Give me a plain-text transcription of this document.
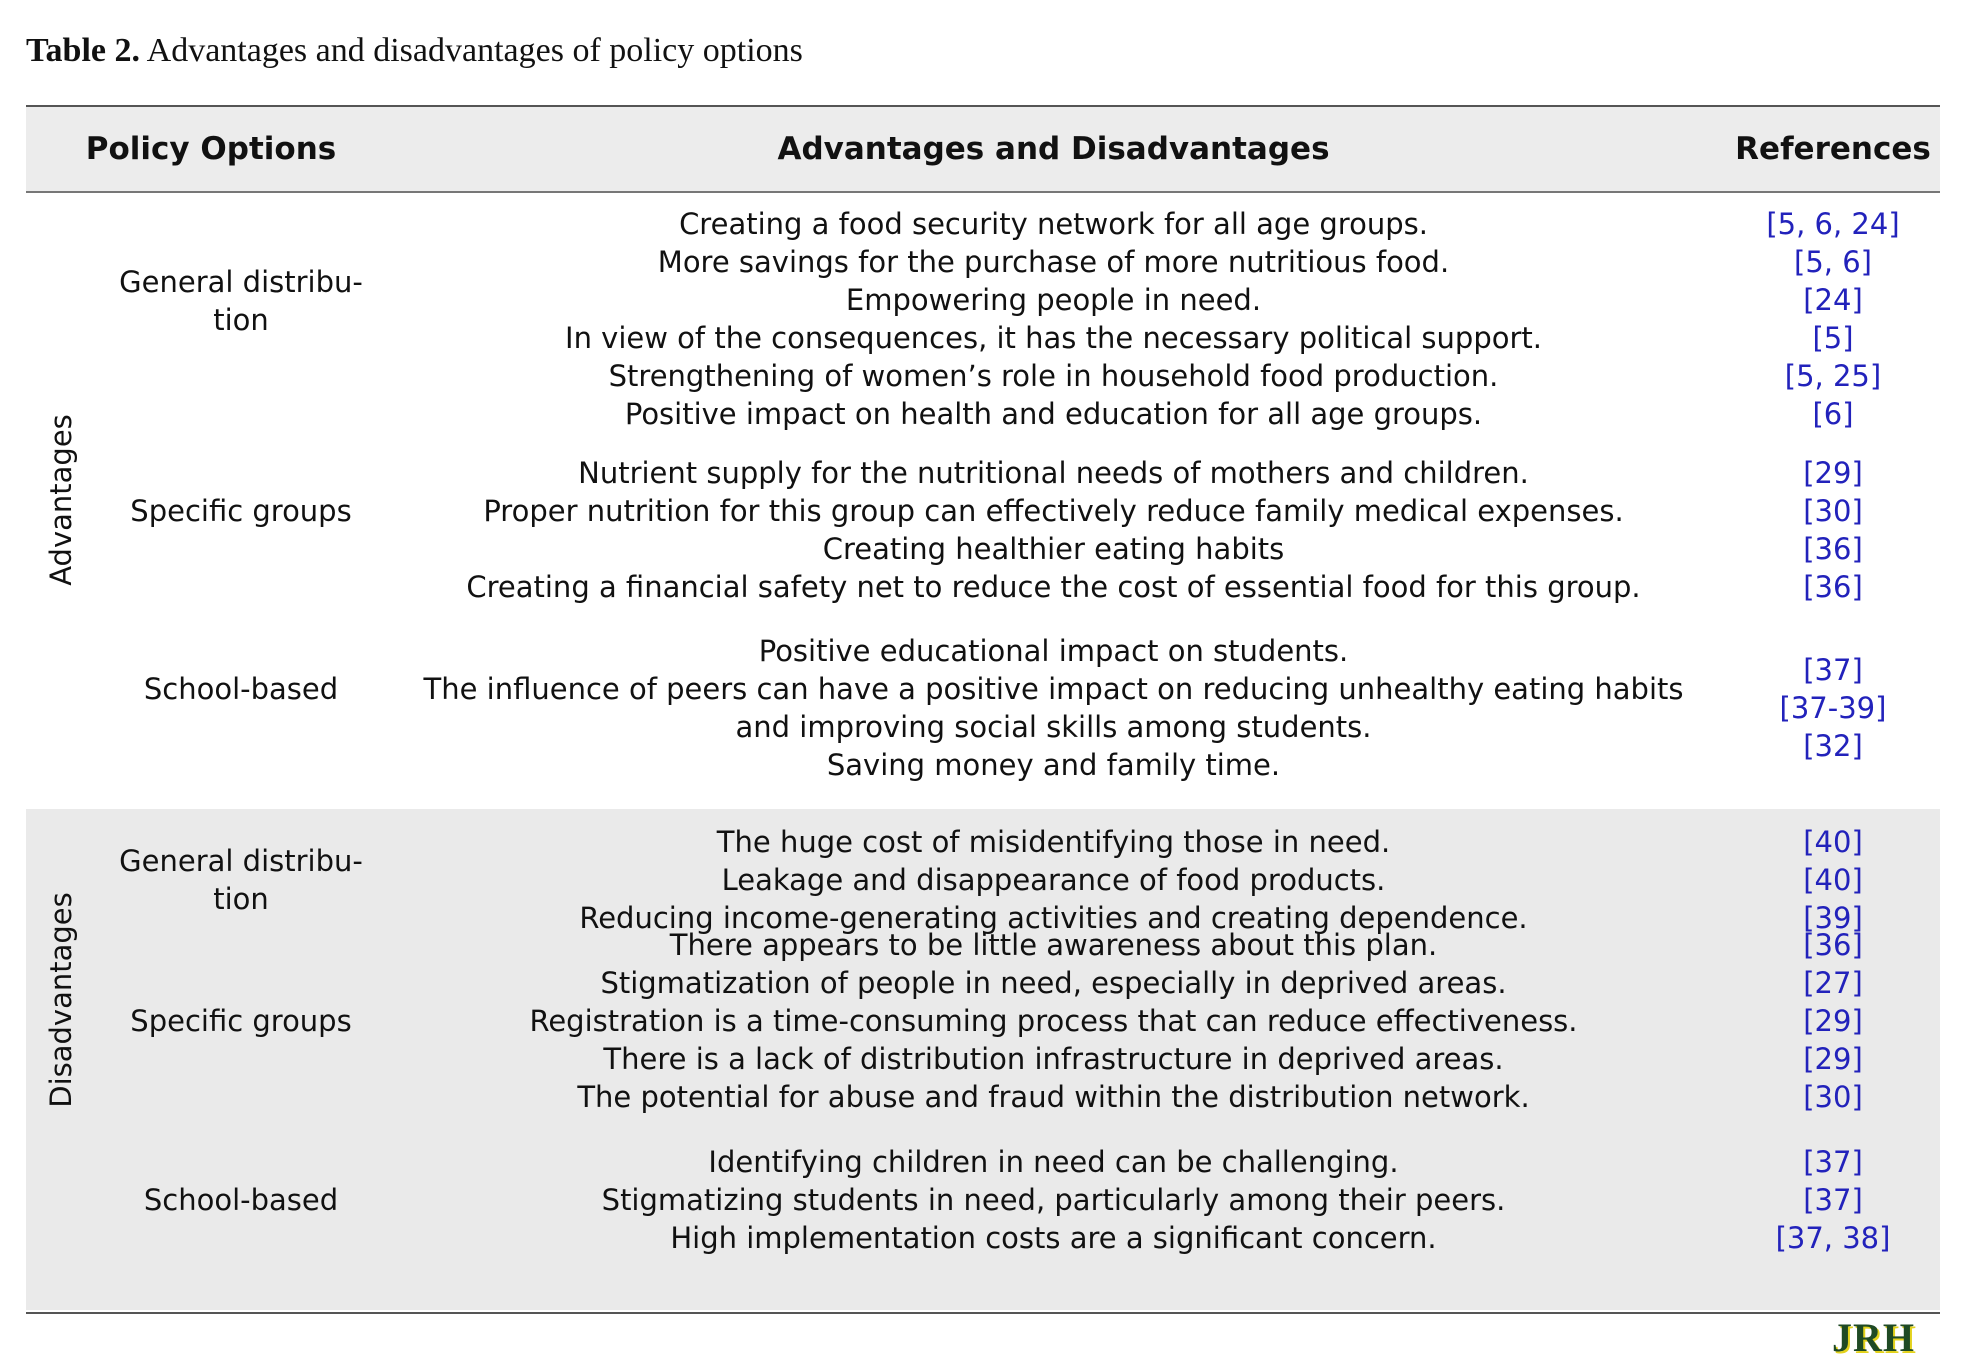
Table 2. Advantages and disadvantages of policy options
Policy Options	Advantages and Disadvantages	References
Advantages
General distribu-
tion
Creating a food security network for all age groups.
More savings for the purchase of more nutritious food.
Empowering people in need.
In view of the consequences, it has the necessary political support.
Strengthening of women’s role in household food production.
Positive impact on health and education for all age groups.
[5, 6, 24]
[5, 6]
[24]
[5]
[5, 25]
[6]
Specific groups
Nutrient supply for the nutritional needs of mothers and children.
Proper nutrition for this group can effectively reduce family medical expenses.
Creating healthier eating habits
Creating a financial safety net to reduce the cost of essential food for this group.
[29]
[30]
[36]
[36]
School-based
Positive educational impact on students.
The influence of peers can have a positive impact on reducing unhealthy eating habits
and improving social skills among students.
Saving money and family time.
[37]
[37-39]
[32]
Disadvantages
General distribu-
tion
The huge cost of misidentifying those in need.
Leakage and disappearance of food products.
Reducing income-generating activities and creating dependence.
[40]
[40]
[39]
Specific groups
There appears to be little awareness about this plan.
Stigmatization of people in need, especially in deprived areas.
Registration is a time-consuming process that can reduce effectiveness.
There is a lack of distribution infrastructure in deprived areas.
The potential for abuse and fraud within the distribution network.
[36]
[27]
[29]
[29]
[30]
School-based
Identifying children in need can be challenging.
Stigmatizing students in need, particularly among their peers.
High implementation costs are a significant concern.
[37]
[37]
[37, 38]
JRH
